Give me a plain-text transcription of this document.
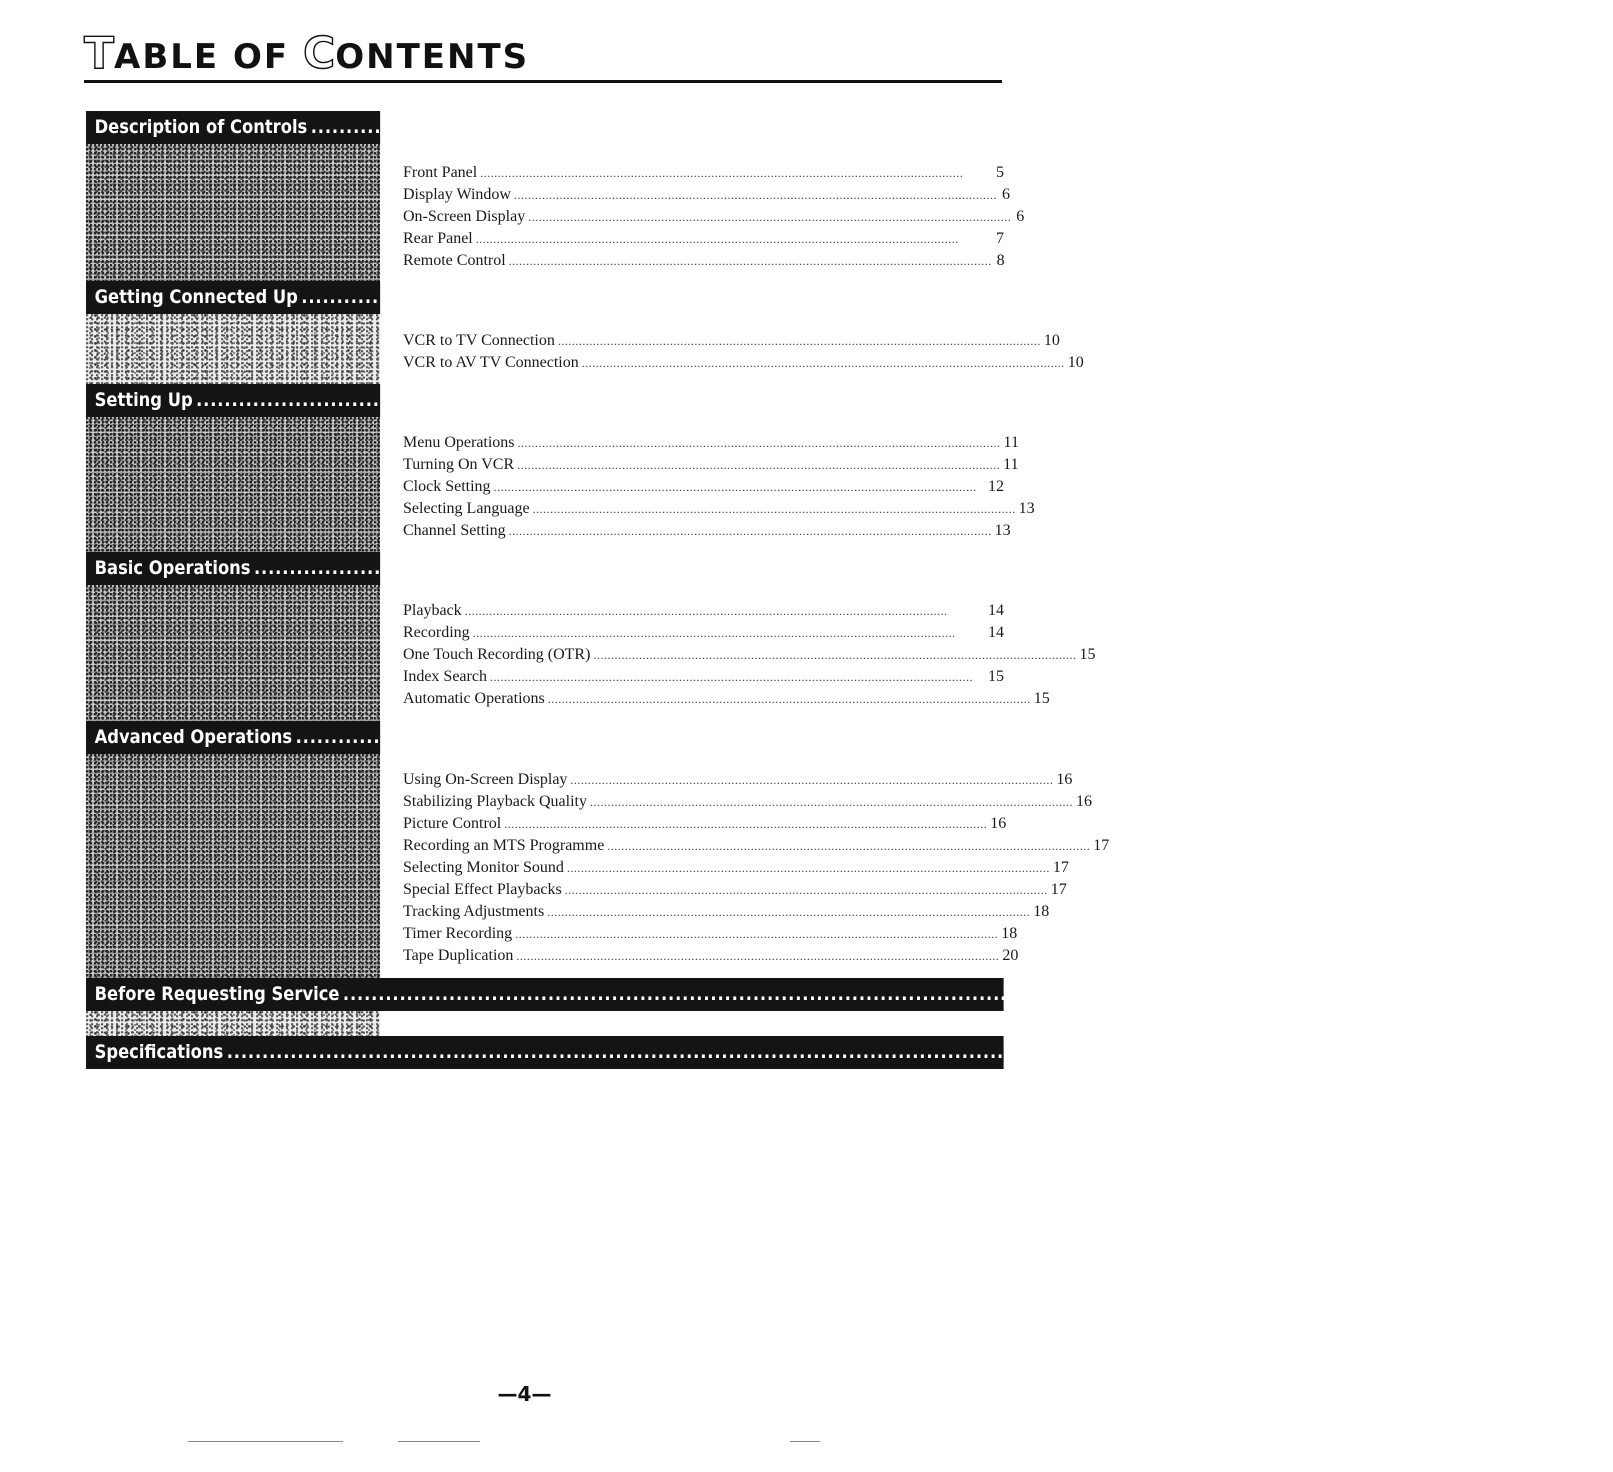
TABLE OF CONTENTS
Description of Controls ........................................ 5
Front Panel ..........................................................................................................................................	5
Display Window .......................................................................................................................................... 6
On-Screen Display .......................................................................................................................................... 6
Rear Panel ..........................................................................................................................................	7
Remote Control .......................................................................................................................................... 8
Getting Connected Up ........................................ 10
VCR to TV Connection .......................................................................................................................................... 10
VCR to AV TV Connection .......................................................................................................................................... 10
Setting Up ........................................ 11
Menu Operations .......................................................................................................................................... 11
Turning On VCR .......................................................................................................................................... 11
Clock Setting .......................................................................................................................................... 12
Selecting Language .......................................................................................................................................... 13
Channel Setting .......................................................................................................................................... 13
Basic Operations ........................................ 14
Playback ..........................................................................................................................................	14
Recording ..........................................................................................................................................	14
One Touch Recording (OTR) .......................................................................................................................................... 15
Index Search .......................................................................................................................................... 15
Automatic Operations .......................................................................................................................................... 15
Advanced Operations ........................................ 16
Using On-Screen Display .......................................................................................................................................... 16
Stabilizing Playback Quality .......................................................................................................................................... 16
Picture Control .......................................................................................................................................... 16
Recording an MTS Programme .......................................................................................................................................... 17
Selecting Monitor Sound .......................................................................................................................................... 17
Special Effect Playbacks .......................................................................................................................................... 17
Tracking Adjustments .......................................................................................................................................... 18
Timer Recording .......................................................................................................................................... 18
Tape Duplication .......................................................................................................................................... 20
Before Requesting Service ................................................................................................................................................................................ 21
Specifications ................................................................................................................................................................................ 22
—4—
